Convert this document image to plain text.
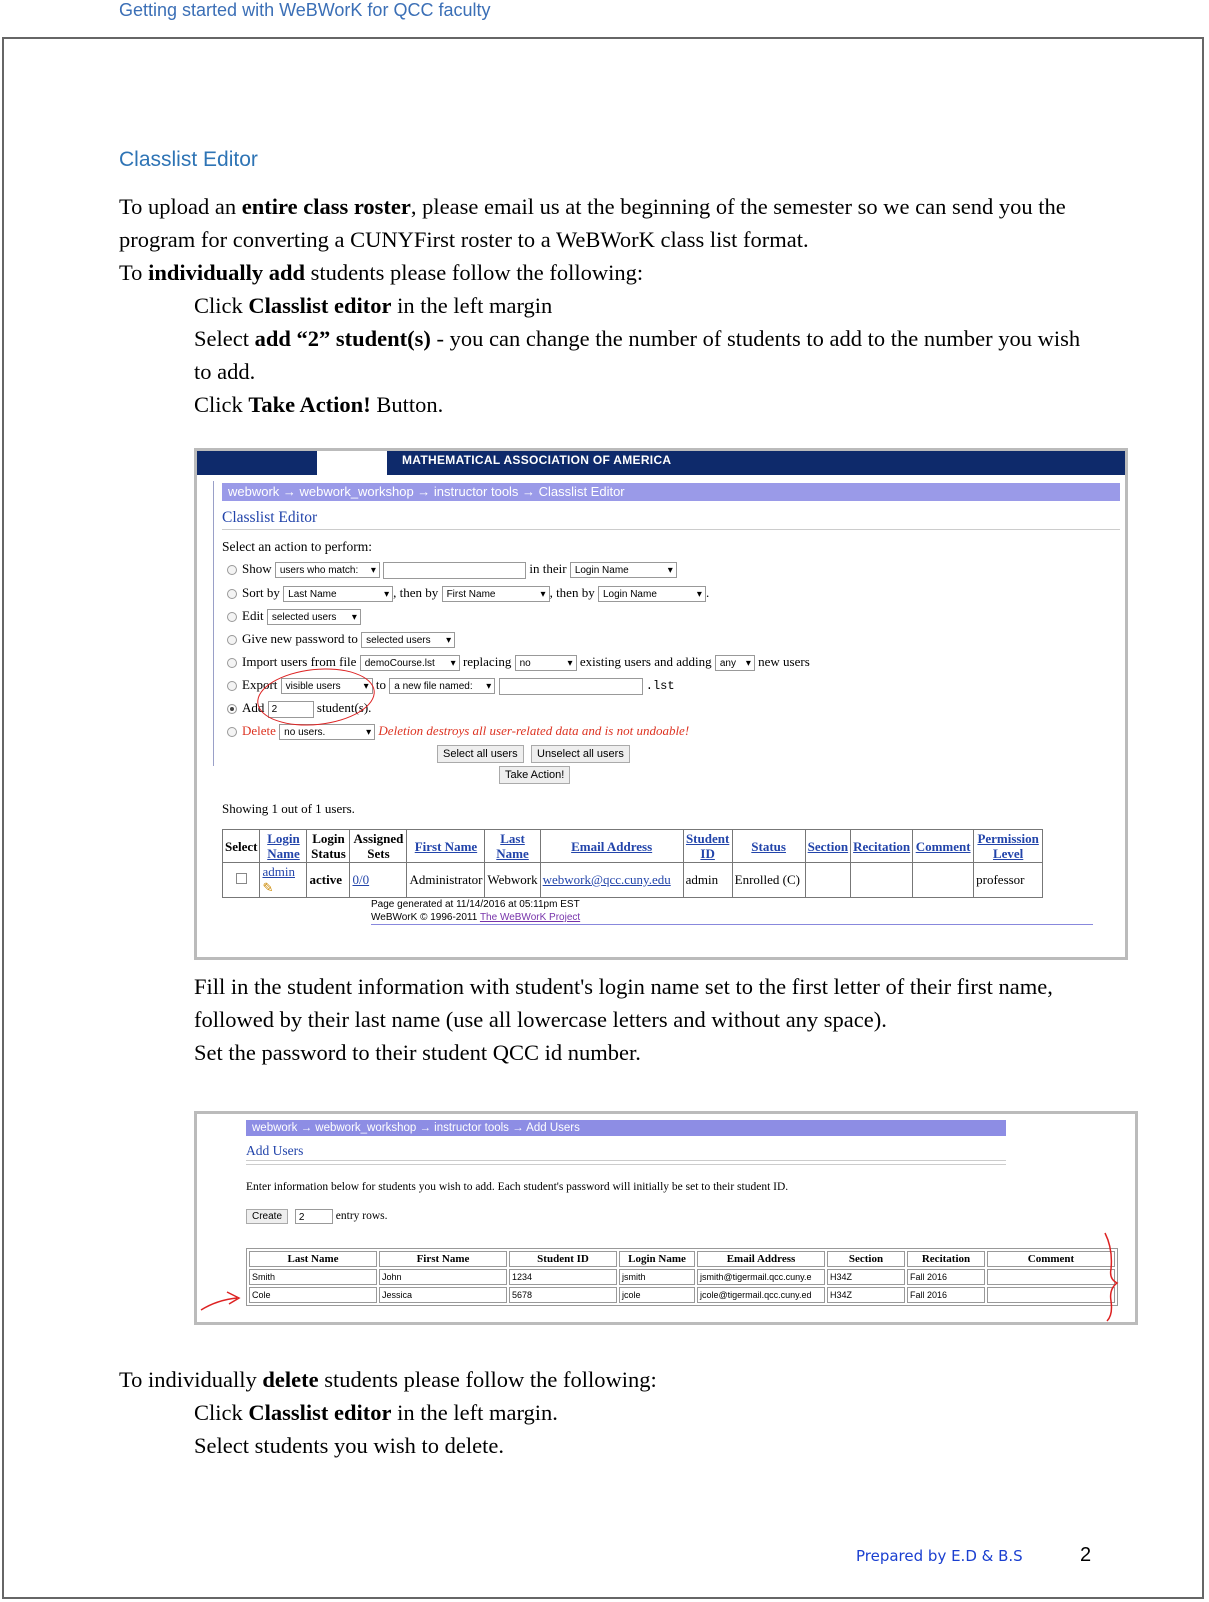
Getting started with WeBWorK for QCC faculty
Classlist Editor
To upload an entire class roster, please email us at the beginning of the semester so we can send you the program for converting a CUNYFirst roster to a WeBWorK class list format.
To individually add students please follow the following:
Click Classlist editor in the left margin
Select add “2” student(s) - you can change the number of students to add to the number you wish to add.
Click Take Action! Button.
MATHEMATICAL ASSOCIATION OF AMERICA
webwork → webwork_workshop → instructor tools → Classlist Editor
Classlist Editor
Select an action to perform:
Show users who match: ▾	in their Login Name ▾
Sort by Last Name ▾	, then by First Name ▾	, then by Login Name ▾	.
Edit selected users ▾
Give new password to selected users ▾
Import users from file demoCourse.lst ▾ replacing no ▾	existing users and adding any ▾ new users
Export visible users ▾	to a new file named: ▾	.lst
Add 2	student(s).
Delete no users. ▾	Deletion destroys all user-related data and is not undoable!
Select all users	Unselect all users
Take Action!
Showing 1 out of 1 users.
Select	Login Name	Login Status	Assigned Sets	First Name	Last Name	Email Address	Student ID	Status	Section	Recitation	Comment	Permission Level
	admin ✎	active	0/0	Administrator	Webwork	webwork@qcc.cuny.edu	admin	Enrolled (C)				professor
Page generated at 11/14/2016 at 05:11pm EST
WeBWorK © 1996-2011 The WeBWorK Project
Fill in the student information with student's login name set to the first letter of their first name, followed by their last name (use all lowercase letters and without any space).
Set the password to their student QCC id number.
webwork → webwork_workshop → instructor tools → Add Users
Add Users
Enter information below for students you wish to add. Each student's password will initially be set to their student ID.
Create 2	entry rows.
Last Name	First Name	Student ID	Login Name	Email Address	Section	Recitation	Comment
Smith	John	1234	jsmith	jsmith@tigermail.qcc.cuny.e	H34Z	Fall 2016	
Cole	Jessica	5678	jcole	jcole@tigermail.qcc.cuny.ed	H34Z	Fall 2016	
To individually delete students please follow the following:
Click Classlist editor in the left margin.
Select students you wish to delete.
Prepared by E.D & B.S	2
